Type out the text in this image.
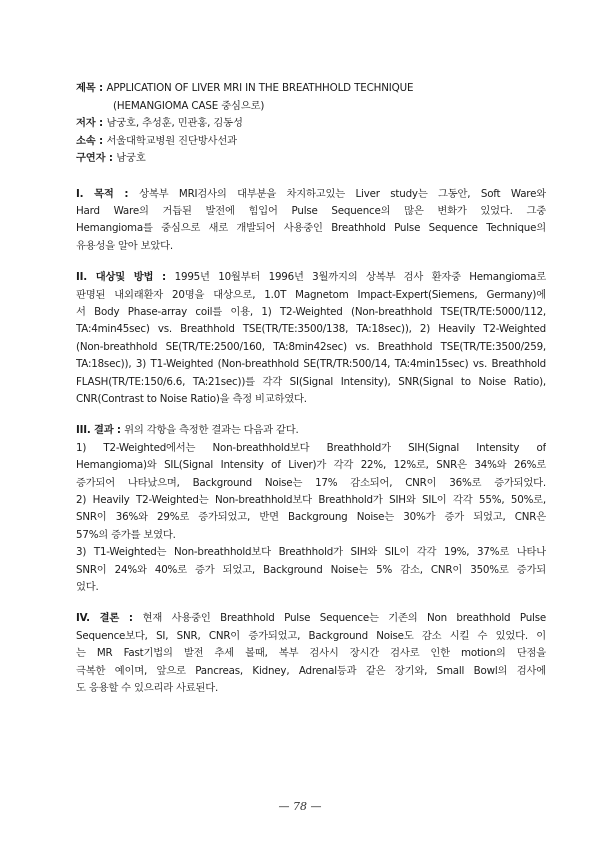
제목 : APPLICATION OF LIVER MRI IN THE BREATHHOLD TECHNIQUE
(HEMANGIOMA CASE 중심으로)
저자 : 남궁호, 추성훈, 민관홍, 김동성
소속 : 서울대학교병원 진단방사선과
구연자 : 남궁호
I. 목적 : 상복부 MRI검사의 대부분을 차지하고있는 Liver study는 그동안, Soft Ware와
Hard Ware의 거듭된 발전에 힘입어 Pulse Sequence의 많은 변화가 있었다. 그중
Hemangioma를 중심으로 새로 개발되어 사용중인 Breathhold Pulse Sequence Technique의
유용성을 알아 보았다.
II. 대상및 방법 : 1995년 10월부터 1996년 3월까지의 상복부 검사 환자중 Hemangioma로
판명된 내외래환자 20명을 대상으로, 1.0T Magnetom Impact-Expert(Siemens, Germany)에
서 Body Phase-array coil를 이용, 1) T2-Weighted (Non-breathhold TSE(TR/TE:5000/112,
TA:4min45sec) vs. Breathhold TSE(TR/TE:3500/138, TA:18sec)), 2) Heavily T2-Weighted
(Non-breathhold SE(TR/TE:2500/160, TA:8min42sec) vs. Breathhold TSE(TR/TE:3500/259,
TA:18sec)), 3) T1-Weighted (Non-breathhold SE(TR/TR:500/14, TA:4min15sec) vs. Breathhold
FLASH(TR/TE:150/6.6, TA:21sec))를 각각 SI(Signal Intensity), SNR(Signal to Noise Ratio),
CNR(Contrast to Noise Ratio)을 측정 비교하였다.
III. 결과 : 위의 각항을 측정한 결과는 다음과 같다.
1) T2-Weighted에서는 Non-breathhold보다 Breathhold가 SIH(Signal Intensity of
Hemangioma)와 SIL(Signal Intensity of Liver)가 각각 22%, 12%로, SNR은 34%와 26%로
증가되어 나타났으며, Background Noise는 17% 감소되어, CNR이 36%로 증가되었다.
2) Heavily T2-Weighted는 Non-breathhold보다 Breathhold가 SIH와 SIL이 각각 55%, 50%로,
SNR이 36%와 29%로 증가되었고, 반면 Backgroung Noise는 30%가 증가 되었고, CNR은
57%의 증가를 보였다.
3) T1-Weighted는 Non-breathhold보다 Breathhold가 SIH와 SIL이 각각 19%, 37%로 나타나
SNR이 24%와 40%로 증가 되었고, Background Noise는 5% 감소, CNR이 350%로 증가되
었다.
IV. 결론 : 현재 사용중인 Breathhold Pulse Sequence는 기존의 Non breathhold Pulse
Sequence보다, SI, SNR, CNR이 증가되었고, Background Noise도 감소 시킬 수 있었다. 이
는 MR Fast기법의 발전 추세 볼때, 복부 검사시 장시간 검사로 인한 motion의 단점을
극복한 예이며, 앞으로 Pancreas, Kidney, Adrenal등과 같은 장기와, Small Bowl의 검사에
도 응용할 수 있으리라 사료된다.
— 78 —
